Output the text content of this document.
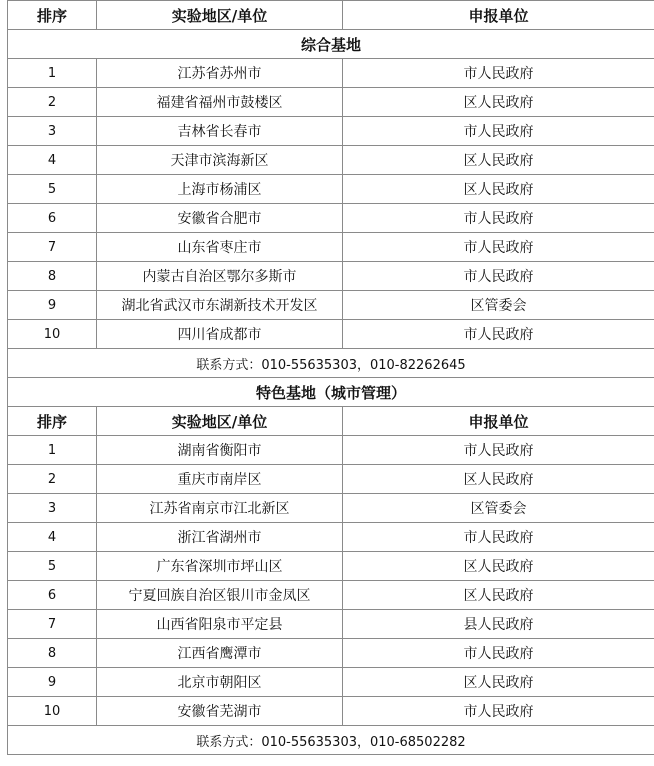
排序	实验地区/单位	申报单位
综合基地		
1	江苏省苏州市	市人民政府
2	福建省福州市鼓楼区	区人民政府
3	吉林省长春市	市人民政府
4	天津市滨海新区	区人民政府
5	上海市杨浦区	区人民政府
6	安徽省合肥市	市人民政府
7	山东省枣庄市	市人民政府
8	内蒙古自治区鄂尔多斯市	市人民政府
9	湖北省武汉市东湖新技术开发区	区管委会
10	四川省成都市	市人民政府
联系方式：010-55635303，010-82262645		
特色基地（城市管理）		
排序	实验地区/单位	申报单位
1	湖南省衡阳市	市人民政府
2	重庆市南岸区	区人民政府
3	江苏省南京市江北新区	区管委会
4	浙江省湖州市	市人民政府
5	广东省深圳市坪山区	区人民政府
6	宁夏回族自治区银川市金凤区	区人民政府
7	山西省阳泉市平定县	县人民政府
8	江西省鹰潭市	市人民政府
9	北京市朝阳区	区人民政府
10	安徽省芜湖市	市人民政府
联系方式：010-55635303，010-68502282		
